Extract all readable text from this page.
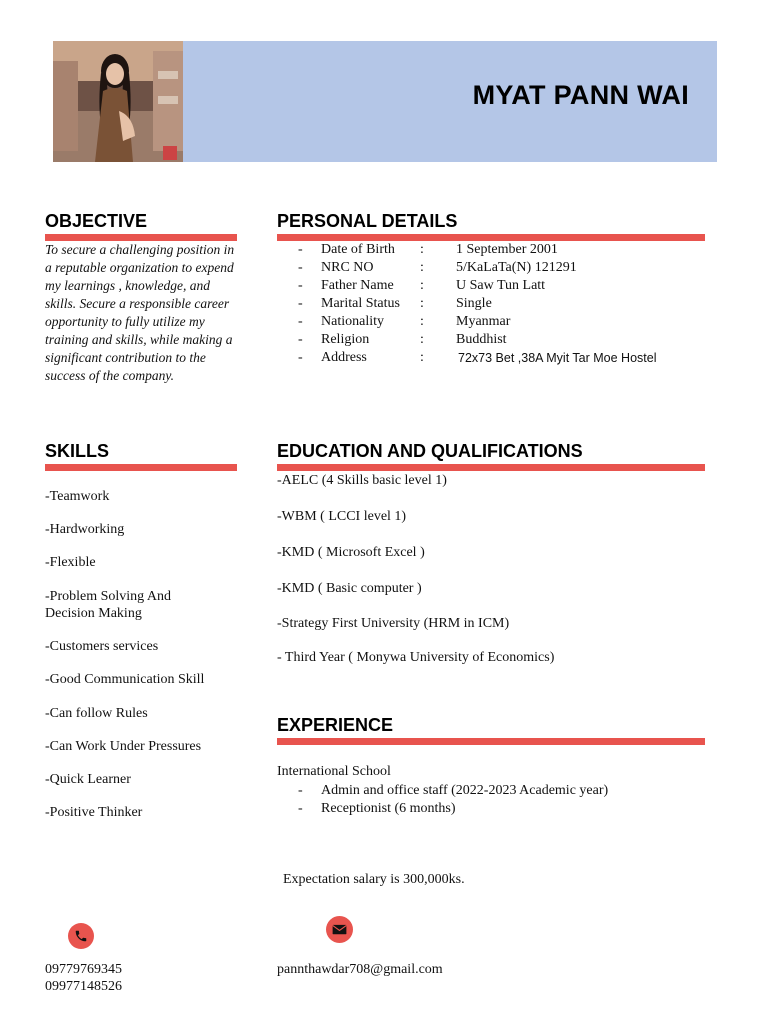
MYAT PANN WAI
OBJECTIVE
To secure a challenging position in a reputable organization to expend my learnings , knowledge, and skills. Secure a responsible career opportunity to fully utilize my training and skills, while making a significant contribution to the success of the company.
PERSONAL DETAILS
- Date of Birth : 1 September 2001
- NRC NO	: 5/KaLaTa(N) 121291
- Father Name : U Saw Tun Latt
- Marital Status : Single
- Nationality	: Myanmar
- Religion	: Buddhist
- Address	:	72x73 Bet ,38A Myit Tar Moe Hostel
SKILLS
-Teamwork
-Hardworking
-Flexible
-Problem Solving And Decision Making
-Customers services
-Good Communication Skill
-Can follow Rules
-Can Work Under Pressures
-Quick Learner
-Positive Thinker
EDUCATION AND QUALIFICATIONS
-AELC (4 Skills basic level 1)
-WBM ( LCCI level 1)
-KMD ( Microsoft Excel )
-KMD ( Basic computer )
-Strategy First University (HRM in ICM)
- Third Year ( Monywa University of Economics)
EXPERIENCE
International School
- Admin and office staff (2022-2023 Academic year)
- Receptionist (6 months)
Expectation salary is 300,000ks.
09779769345
09977148526
pannthawdar708@gmail.com
